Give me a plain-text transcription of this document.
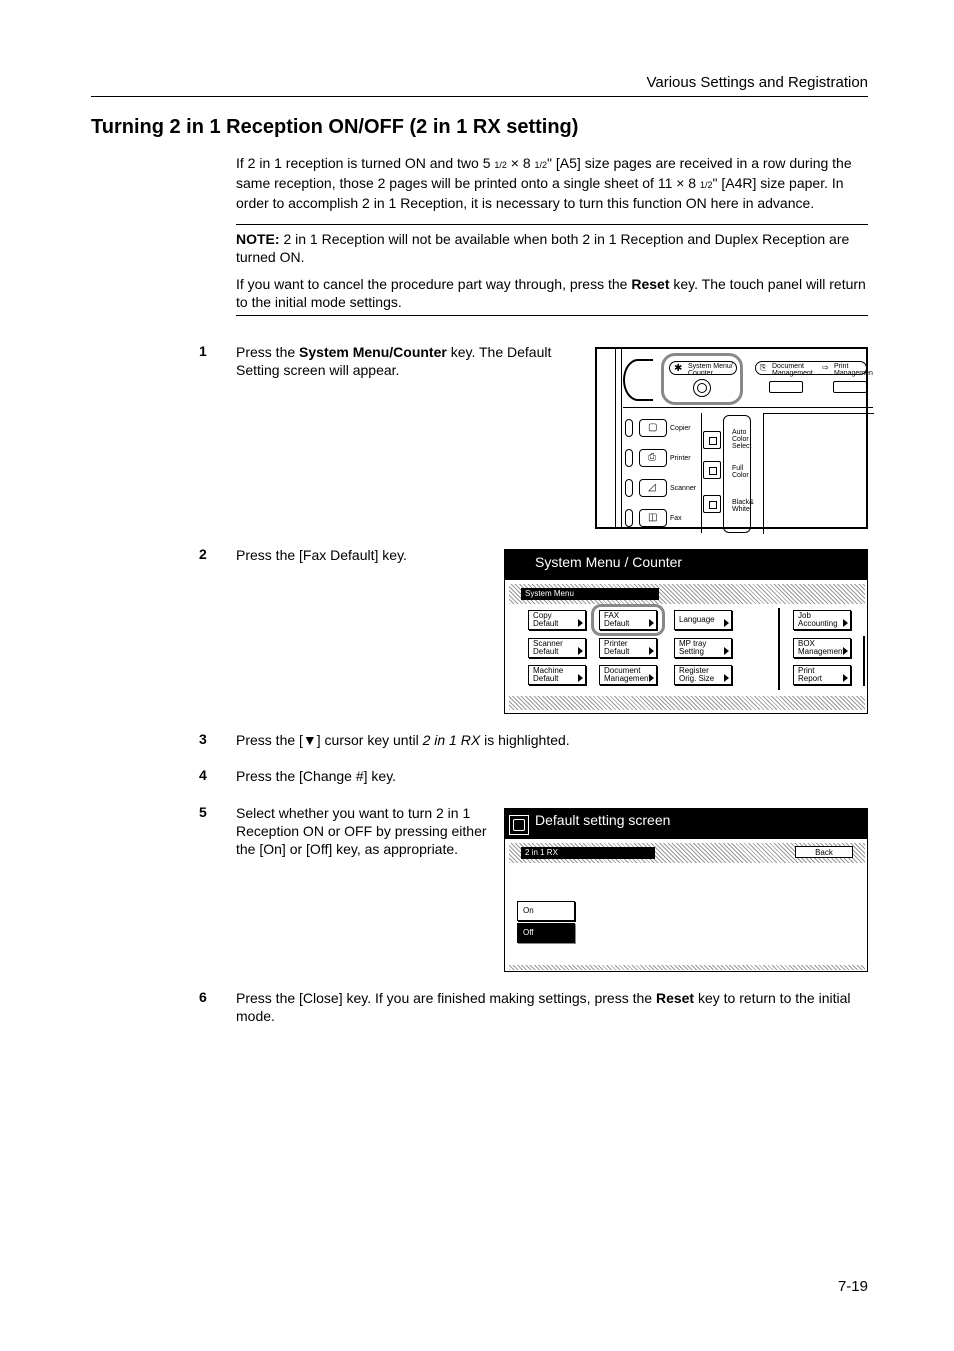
Various Settings and Registration
Turning 2 in 1 Reception ON/OFF (2 in 1 RX setting)
If 2 in 1 reception is turned ON and two 5 1/2 × 8 1/2" [A5] size pages are received in a row during the same reception, those 2 pages will be printed onto a single sheet of 11 × 8 1/2" [A4R] size paper. In order to accomplish 2 in 1 Reception, it is necessary to turn this function ON here in advance.
NOTE: 2 in 1 Reception will not be available when both 2 in 1 Reception and Duplex Reception are turned ON.
If you want to cancel the procedure part way through, press the Reset key. The touch panel will return to the initial mode settings.
1 Press the System Menu/Counter key. The Default Setting screen will appear.	✱ System Menu/
Counter
⎘ Document
Management
⇨ Print
Managemen
▢ Copier
⎙ Printer
◿ Scanner
◫ Fax
Auto
Color
Select
Full
Color
Black&
White
2 Press the [Fax Default] key.	System Menu / Counter
System Menu
Copy
Default
FAX
Default	Language	Job
Accounting
Scanner
Default
Printer
Default
MP tray
Setting
BOX
Management
Machine
Default
Document
Management
Register
Orig. Size
Print
Report
3 Press the [▼] cursor key until 2 in 1 RX is highlighted.
4 Press the [Change #] key.
5 Select whether you want to turn 2 in 1 Reception ON or OFF by pressing either the [On] or [Off] key, as appropriate.
Default setting screen
2 in 1 RX	Back
On
Off
6 Press the [Close] key. If you are finished making settings, press the Reset key to return to the initial mode.
7-19
